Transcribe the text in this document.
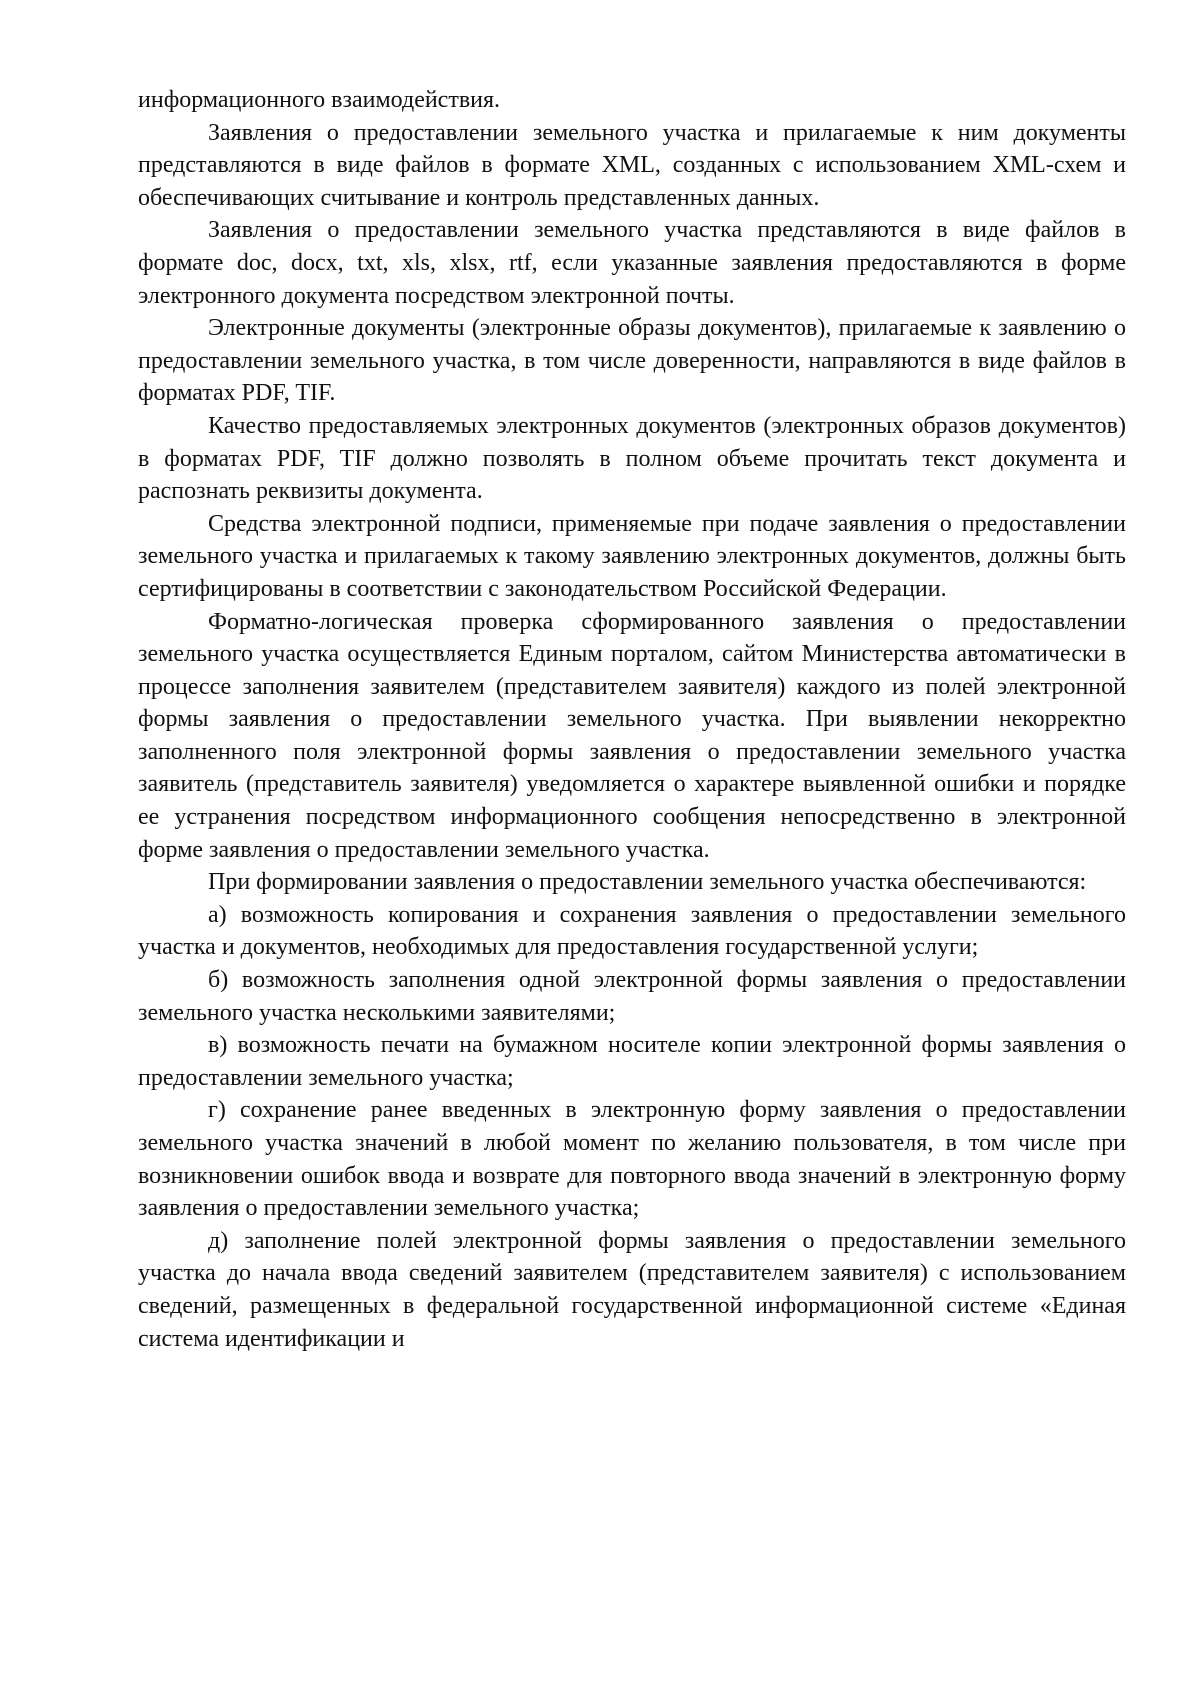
информационного взаимодействия.

Заявления о предоставлении земельного участка и прилагаемые к ним документы представляются в виде файлов в формате XML, созданных с использованием XML-схем и обеспечивающих считывание и контроль представленных данных.

Заявления о предоставлении земельного участка представляются в виде файлов в формате doc, docx, txt, xls, xlsx, rtf, если указанные заявления предоставляются в форме электронного документа посредством электронной почты.

Электронные документы (электронные образы документов), прилагаемые к заявлению о предоставлении земельного участка, в том числе доверенности, направляются в виде файлов в форматах PDF, TIF.

Качество предоставляемых электронных документов (электронных образов документов) в форматах PDF, TIF должно позволять в полном объеме прочитать текст документа и распознать реквизиты документа.

Средства электронной подписи, применяемые при подаче заявления о предоставлении земельного участка и прилагаемых к такому заявлению электронных документов, должны быть сертифицированы в соответствии с законодательством Российской Федерации.

Форматно-логическая проверка сформированного заявления о предоставлении земельного участка осуществляется Единым порталом, сайтом Министерства автоматически в процессе заполнения заявителем (представителем заявителя) каждого из полей электронной формы заявления о предоставлении земельного участка. При выявлении некорректно заполненного поля электронной формы заявления о предоставлении земельного участка заявитель (представитель заявителя) уведомляется о характере выявленной ошибки и порядке ее устранения посредством информационного сообщения непосредственно в электронной форме заявления о предоставлении земельного участка.

При формировании заявления о предоставлении земельного участка обеспечиваются:

а) возможность копирования и сохранения заявления о предоставлении земельного участка и документов, необходимых для предоставления государственной услуги;

б) возможность заполнения одной электронной формы заявления о предоставлении земельного участка несколькими заявителями;

в) возможность печати на бумажном носителе копии электронной формы заявления о предоставлении земельного участка;

г) сохранение ранее введенных в электронную форму заявления о предоставлении земельного участка значений в любой момент по желанию пользователя, в том числе при возникновении ошибок ввода и возврате для повторного ввода значений в электронную форму заявления о предоставлении земельного участка;

д) заполнение полей электронной формы заявления о предоставлении земельного участка до начала ввода сведений заявителем (представителем заявителя) с использованием сведений, размещенных в федеральной государственной информационной системе «Единая система идентификации и
